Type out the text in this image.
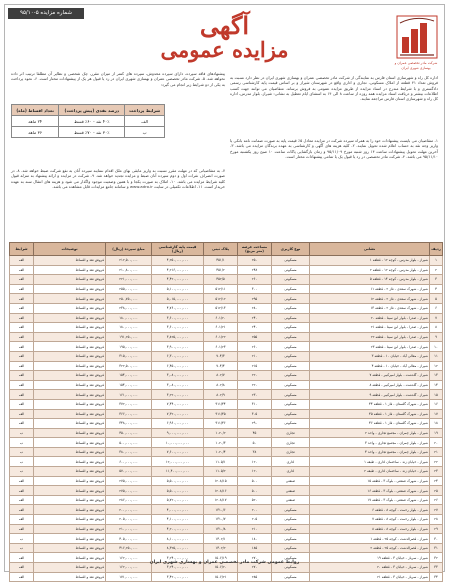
شماره مزایده ۵-۹۵/۱۰	آگهی
مزایده عمومی
شرکت مادر تخصصی عمران و بهسازی شهری ایران
اداره کل راه و شهرسازی استان فارس به نمایندگی از شرکت مادر تخصصی عمران و بهسازی شهری ایران در نظر دارد نسبت به فروش تعداد ۴۱ قطعه از املاک مسکونی، تجاری و اداری واقع در شهرستان شیراز و بر اساس قیمت پایه کارشناسی رسمی دادگستری و با شرایط مندرج در اسناد مزایده از طریق مزایده عمومی به فروش برساند. متقاضیان می توانند جهت کسب اطلاعات بیشتر و دریافت اسناد مزایده همه روزه از ساعت ۸ الی ۱۴ به استثنای ایام تعطیل به نشانی: شیراز، بلوار مدرس، اداره کل راه و شهرسازی استان فارس مراجعه نمایند.
۱- متقاضیان می بایست پیشنهادات خود را به همراه سپرده شرکت در مزایده معادل ۵٪ قیمت پایه به صورت ضمانت نامه بانکی یا واریز وجه نقد به حساب اعلام شده تحویل نمایند. ۲- کلیه هزینه های آگهی و کارشناسی به عهده برندگان مزایده می باشد. ۳- آخرین مهلت تحویل پیشنهادات ساعت ۱۴ روز شنبه مورخ ۹۵/۱۱/۰۹ و زمان بازگشایی پاکات ساعت ۱۰ صبح روز یکشنبه مورخ ۹۵/۱۱/۱۰ می باشد. ۴- شرکت مادر تخصصی در رد یا قبول یک یا تمامی پیشنهادات مختار است.
پیشنهادهای فاقد سپرده، دارای سپرده مخدوش، سپرده های کمتر از میزان مقرر، چک شخصی و نظایر آن مطلقا ترتیب اثر داده نخواهد شد. ۵- شرکت مادر تخصصی عمران و بهسازی شهری ایران در رد یا قبول هر یک از پیشنهادات مختار است. ۶- نحوه پرداخت به یکی از دو شرایط زیر انجام می گیرد:
شرایط پرداخت	درصد نقدی (پیش پرداخت)	تعداد اقساط (ماه)
الف	۴۰٪ نقد - ۶۰٪ قسط	۲۴ ماهه
ب	۳۰٪ نقد - ۷۰٪ قسط	۳۶ ماهه
۷- به متقاضیانی که در مهلت مقرر نسبت به واریز مابقی بهای ملک اقدام ننمایند سپرده آنان به نفع شرکت ضبط خواهد شد. ۸- در صورت انصراف نفرات اول و دوم سپرده آنان ضبط و مزایده تجدید خواهد شد. ۹- شرکت در مزایده و ارائه پیشنهاد به منزله قبول کلیه شرایط مزایده می باشد. ۱۰- املاک به صورت یکجا و با همین وضعیت موجود واگذار می شود و هزینه های انتقال سند به عهده خریدار است. ۱۱- اطلاعات تکمیلی در سایت www.adro.ir و سامانه جامع مزایدات قابل مشاهده می باشد.
ردیف	نشانی	نوع کاربری	مساحت عرصه (متر مربع)	پلاک ثبتی	قیمت پایه کارشناسی (ریال)	مبلغ سپرده (ریال)	توضیحات	شرایط
۱	شیراز - بلوار مدرس - کوچه ۱۲ - قطعه ۱	مسکونی	۲۵۰	۴۵۱/۱	۴,۲۵۰,۰۰۰,۰۰۰	۲۱۲,۵۰۰,۰۰۰	فروش نقد و اقساط	الف
۲	شیراز - بلوار مدرس - کوچه ۱۲ - قطعه ۲	مسکونی	۲۴۸	۴۵۱/۲	۴,۲۱۶,۰۰۰,۰۰۰	۲۱۰,۸۰۰,۰۰۰	فروش نقد و اقساط	الف
۳	شیراز - بلوار مدرس - کوچه ۱۴ - قطعه ۵	مسکونی	۲۶۰	۴۵۲/۵	۴,۴۲۰,۰۰۰,۰۰۰	۲۲۱,۰۰۰,۰۰۰	فروش نقد و اقساط	الف
۴	شیراز - شهرک سعدی - فاز ۲ - قطعه ۱۱	مسکونی	۳۰۰	۵۱۲/۱۱	۵,۱۰۰,۰۰۰,۰۰۰	۲۵۵,۰۰۰,۰۰۰	فروش نقد و اقساط	الف
۵	شیراز - شهرک سعدی - فاز ۲ - قطعه ۱۲	مسکونی	۲۹۵	۵۱۲/۱۲	۵,۰۱۵,۰۰۰,۰۰۰	۲۵۰,۷۵۰,۰۰۰	فروش نقد و اقساط	الف
۶	شیراز - شهرک سعدی - فاز ۲ - قطعه ۱۳	مسکونی	۲۸۰	۵۱۲/۱۳	۴,۷۶۰,۰۰۰,۰۰۰	۲۳۸,۰۰۰,۰۰۰	فروش نقد و اقساط	الف
۷	شیراز - صدرا - بلوار ابن سینا - قطعه ۲۰	مسکونی	۲۴۰	۶۰۱/۲۰	۳,۶۰۰,۰۰۰,۰۰۰	۱۸۰,۰۰۰,۰۰۰	فروش نقد و اقساط	الف
۸	شیراز - صدرا - بلوار ابن سینا - قطعه ۲۱	مسکونی	۲۴۰	۶۰۱/۲۱	۳,۶۰۰,۰۰۰,۰۰۰	۱۸۰,۰۰۰,۰۰۰	فروش نقد و اقساط	الف
۹	شیراز - صدرا - بلوار ابن سینا - قطعه ۲۲	مسکونی	۲۵۵	۶۰۱/۲۲	۳,۸۲۵,۰۰۰,۰۰۰	۱۹۱,۲۵۰,۰۰۰	فروش نقد و اقساط	الف
۱۰	شیراز - صدرا - بلوار ابن سینا - قطعه ۲۳	مسکونی	۲۶۰	۶۰۱/۲۳	۳,۹۰۰,۰۰۰,۰۰۰	۱۹۵,۰۰۰,۰۰۰	فروش نقد و اقساط	الف
۱۱	شیراز - معالی آباد - خیابان ۱۰ - قطعه ۳	مسکونی	۲۱۰	۷۰۴/۳	۶,۳۰۰,۰۰۰,۰۰۰	۳۱۵,۰۰۰,۰۰۰	فروش نقد و اقساط	الف
۱۲	شیراز - معالی آباد - خیابان ۱۰ - قطعه ۴	مسکونی	۲۱۵	۷۰۴/۴	۶,۴۵۰,۰۰۰,۰۰۰	۳۲۲,۵۰۰,۰۰۰	فروش نقد و اقساط	الف
۱۳	شیراز - گلدشت - بلوار امیرکبیر - قطعه ۷	مسکونی	۲۲۰	۸۰۲/۷	۳,۰۸۰,۰۰۰,۰۰۰	۱۵۴,۰۰۰,۰۰۰	فروش نقد و اقساط	الف
۱۴	شیراز - گلدشت - بلوار امیرکبیر - قطعه ۸	مسکونی	۲۲۰	۸۰۲/۸	۳,۰۸۰,۰۰۰,۰۰۰	۱۵۴,۰۰۰,۰۰۰	فروش نقد و اقساط	الف
۱۵	شیراز - گلدشت - بلوار امیرکبیر - قطعه ۹	مسکونی	۲۳۰	۸۰۲/۹	۳,۲۲۰,۰۰۰,۰۰۰	۱۶۱,۰۰۰,۰۰۰	فروش نقد و اقساط	الف
۱۶	شیراز - شهرک گلستان - فاز ۱ - قطعه ۴۴	مسکونی	۳۱۰	۹۱۱/۴۴	۷,۴۴۰,۰۰۰,۰۰۰	۳۷۲,۰۰۰,۰۰۰	فروش نقد و اقساط	الف
۱۷	شیراز - شهرک گلستان - فاز ۱ - قطعه ۴۵	مسکونی	۳۰۵	۹۱۱/۴۵	۷,۳۲۰,۰۰۰,۰۰۰	۳۶۶,۰۰۰,۰۰۰	فروش نقد و اقساط	الف
۱۸	شیراز - شهرک گلستان - فاز ۱ - قطعه ۴۶	مسکونی	۲۹۰	۹۱۱/۴۶	۶,۹۶۰,۰۰۰,۰۰۰	۳۴۸,۰۰۰,۰۰۰	فروش نقد و اقساط	الف
۱۹	شیراز - بلوار چمران - مجتمع تجاری - واحد ۲	تجاری	۴۵	۱۰۲۰/۲	۹,۰۰۰,۰۰۰,۰۰۰	۴۵۰,۰۰۰,۰۰۰	فروش نقد و اقساط	ب
۲۰	شیراز - بلوار چمران - مجتمع تجاری - واحد ۳	تجاری	۵۰	۱۰۲۰/۳	۱۰,۰۰۰,۰۰۰,۰۰۰	۵۰۰,۰۰۰,۰۰۰	فروش نقد و اقساط	ب
۲۱	شیراز - بلوار چمران - مجتمع تجاری - واحد ۴	تجاری	۳۸	۱۰۲۰/۴	۷,۶۰۰,۰۰۰,۰۰۰	۳۸۰,۰۰۰,۰۰۰	فروش نقد و اقساط	ب
۲۲	شیراز - خیابان زند - ساختمان اداری - طبقه ۱	اداری	۱۲۰	۱۱۰۵/۱	۱۲,۰۰۰,۰۰۰,۰۰۰	۶۰۰,۰۰۰,۰۰۰	فروش نقد و اقساط	ب
۲۳	شیراز - خیابان زند - ساختمان اداری - طبقه ۲	اداری	۱۲۰	۱۱۰۵/۲	۱۱,۴۰۰,۰۰۰,۰۰۰	۵۷۰,۰۰۰,۰۰۰	فروش نقد و اقساط	ب
۲۴	شیراز - شهرک صنعتی - بلوک ۳ - قطعه ۱۵	صنعتی	۵۰۰	۱۲۰۸/۱۵	۵,۵۰۰,۰۰۰,۰۰۰	۲۷۵,۰۰۰,۰۰۰	فروش نقد و اقساط	الف
۲۵	شیراز - شهرک صنعتی - بلوک ۳ - قطعه ۱۶	صنعتی	۵۰۰	۱۲۰۸/۱۶	۵,۵۰۰,۰۰۰,۰۰۰	۲۷۵,۰۰۰,۰۰۰	فروش نقد و اقساط	الف
۲۶	شیراز - شهرک صنعتی - بلوک ۳ - قطعه ۱۷	صنعتی	۵۲۰	۱۲۰۸/۱۷	۵,۷۲۰,۰۰۰,۰۰۰	۲۸۶,۰۰۰,۰۰۰	فروش نقد و اقساط	الف
۲۷	شیراز - بلوار رحمت - کوچه ۸ - قطعه ۶	مسکونی	۲۰۰	۱۳۱۰/۶	۴,۰۰۰,۰۰۰,۰۰۰	۲۰۰,۰۰۰,۰۰۰	فروش نقد و اقساط	الف
۲۸	شیراز - بلوار رحمت - کوچه ۸ - قطعه ۷	مسکونی	۲۰۵	۱۳۱۰/۷	۴,۱۰۰,۰۰۰,۰۰۰	۲۰۵,۰۰۰,۰۰۰	فروش نقد و اقساط	الف
۲۹	شیراز - بلوار رحمت - کوچه ۸ - قطعه ۸	مسکونی	۲۱۰	۱۳۱۰/۸	۴,۲۰۰,۰۰۰,۰۰۰	۲۱۰,۰۰۰,۰۰۰	فروش نقد و اقساط	الف
۳۰	شیراز - قصرالدشت - کوچه ۲۵ - قطعه ۱	مسکونی	۱۸۰	۱۴۰۲/۱	۸,۱۰۰,۰۰۰,۰۰۰	۴۰۵,۰۰۰,۰۰۰	فروش نقد و اقساط	ب
۳۱	شیراز - قصرالدشت - کوچه ۲۵ - قطعه ۲	مسکونی	۱۸۵	۱۴۰۲/۲	۸,۳۲۵,۰۰۰,۰۰۰	۴۱۶,۲۵۰,۰۰۰	فروش نقد و اقساط	ب
۳۲	شیراز - سرباز - خیابان ۳ - قطعه ۱۹	مسکونی	۲۷۰	۱۵۰۶/۱۹	۳,۲۴۰,۰۰۰,۰۰۰	۱۶۲,۰۰۰,۰۰۰	فروش نقد و اقساط	الف
۳۳	شیراز - سرباز - خیابان ۳ - قطعه ۲۰	مسکونی	۲۷۰	۱۵۰۶/۲۰	۳,۲۴۰,۰۰۰,۰۰۰	۱۶۲,۰۰۰,۰۰۰	فروش نقد و اقساط	الف
۳۴	شیراز - سرباز - خیابان ۳ - قطعه ۲۱	مسکونی	۲۸۵	۱۵۰۶/۲۱	۳,۴۲۰,۰۰۰,۰۰۰	۱۷۱,۰۰۰,۰۰۰	فروش نقد و اقساط	الف
روابط عمومی شرکت مادر تخصصی عمران و بهسازی شهری ایران
